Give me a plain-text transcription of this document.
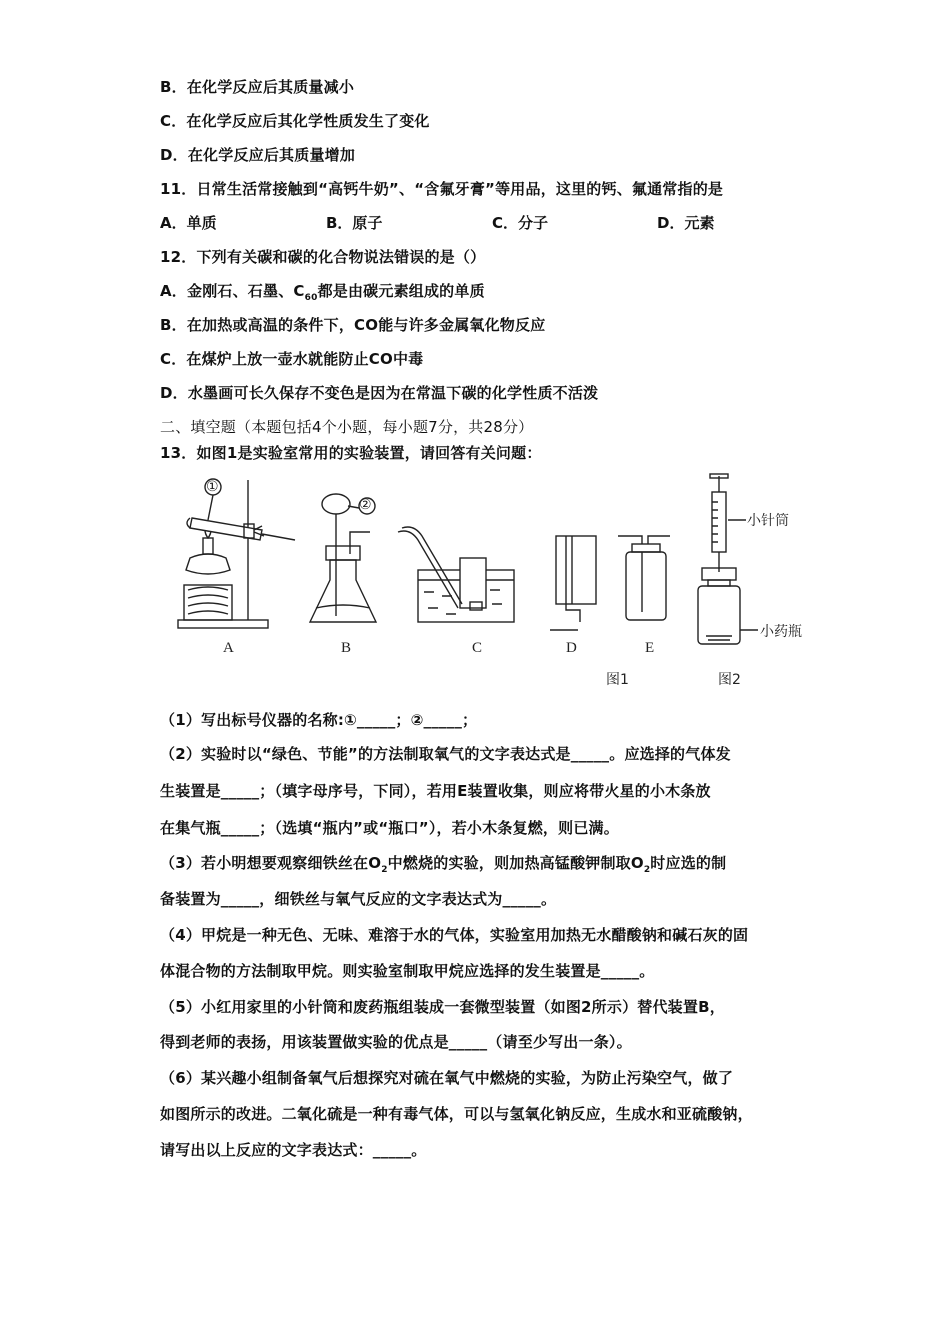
B．在化学反应后其质量减小
C．在化学反应后其化学性质发生了变化
D．在化学反应后其质量增加
11．日常生活常接触到“高钙牛奶”、“含氟牙膏”等用品，这里的钙、氟通常指的是
A．单质	B．原子	C．分子	D．元素
12．下列有关碳和碳的化合物说法错误的是（）
A．金刚石、石墨、$C_{60}$都是由碳元素组成的单质
B．在加热或高温的条件下，CO能与许多金属氧化物反应
C．在煤炉上放一壶水就能防止CO中毒
D．水墨画可长久保存不变色是因为在常温下碳的化学性质不活泼
二、填空题（本题包括4个小题，每小题7分，共28分）
13．如图1是实验室常用的实验装置，请回答有关问题：
图1	图2
①
②
小针筒
小药瓶
A	B	C	D	E
（1）写出标号仪器的名称:①_____；②_____；
（2）实验时以“绿色、节能”的方法制取氧气的文字表达式是_____。应选择的气体发
生装置是_____；（填字母序号，下同），若用E装置收集，则应将带火星的小木条放
在集气瓶_____；（选填“瓶内”或“瓶口”），若小木条复燃，则已满。
（3）若小明想要观察细铁丝在$O_2$中燃烧的实验，则加热高锰酸钾制取$O_2$时应选的制
备装置为_____，细铁丝与氧气反应的文字表达式为_____。
（4）甲烷是一种无色、无味、难溶于水的气体，实验室用加热无水醋酸钠和碱石灰的固
体混合物的方法制取甲烷。则实验室制取甲烷应选择的发生装置是_____。
（5）小红用家里的小针筒和废药瓶组装成一套微型装置（如图2所示）替代装置B，
得到老师的表扬，用该装置做实验的优点是_____（请至少写出一条）。
（6）某兴趣小组制备氧气后想探究对硫在氧气中燃烧的实验，为防止污染空气，做了
如图所示的改进。二氧化硫是一种有毒气体，可以与氢氧化钠反应，生成水和亚硫酸钠，
请写出以上反应的文字表达式：_____。
